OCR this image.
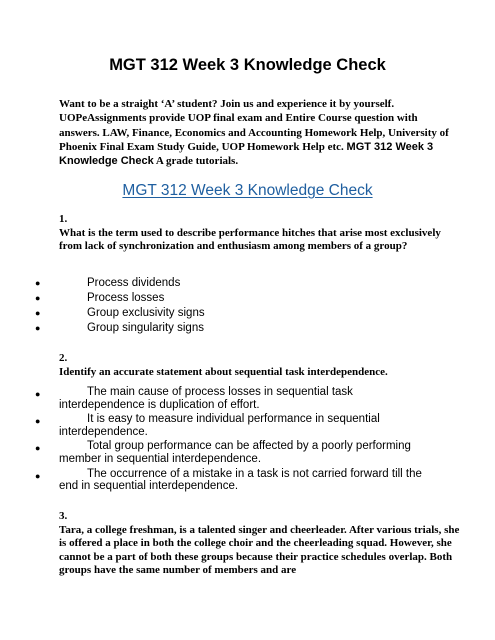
MGT 312 Week 3 Knowledge Check
Want to be a straight ‘A’ student? Join us and experience it by yourself. UOPeAssignments provide UOP final exam and Entire Course question with answers. LAW, Finance, Economics and Accounting Homework Help, University of Phoenix Final Exam Study Guide, UOP Homework Help etc. MGT 312 Week 3 Knowledge Check A grade tutorials.
MGT 312 Week 3 Knowledge Check
1.
What is the term used to describe performance hitches that arise most exclusively from lack of synchronization and enthusiasm among members of a group?
●	Process dividends
●	Process losses
●	Group exclusivity signs
●	Group singularity signs
2.
Identify an accurate statement about sequential task interdependence.
●	The main cause of process losses in sequential task interdependence is duplication of effort.
●	It is easy to measure individual performance in sequential interdependence.
●	Total group performance can be affected by a poorly performing member in sequential interdependence.
●	The occurrence of a mistake in a task is not carried forward till the end in sequential interdependence.
3.
Tara, a college freshman, is a talented singer and cheerleader. After various trials, she is offered a place in both the college choir and the cheerleading squad. However, she cannot be a part of both these groups because their practice schedules overlap. Both groups have the same number of members and are
